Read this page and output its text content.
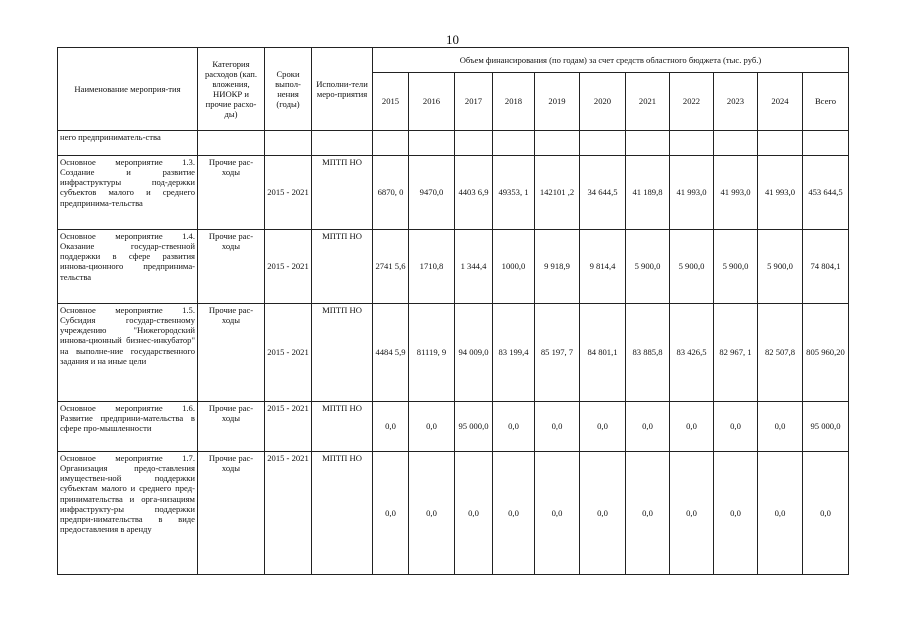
10
Наименование мероприя-тия	Категория расходов (кап. вложения, НИОКР и прочие расхо-ды)	Сроки выпол-нения (годы)	Исполни-тели меро-приятия	Объем финансирования (по годам) за счет средств областного бюджета (тыс. руб.)										
				2015	2016	2017	2018	2019	2020	2021	2022	2023	2024	Всего
него предприниматель-ства														
Основное мероприятие 1.3. Создание и развитие инфраструктуры под-держки субъектов малого и среднего предпринима-тельства	Прочие рас-ходы	2015 - 2021	МПТП НО	6870, 0	9470,0	4403 6,9	49353, 1	142101 ,2	34 644,5	41 189,8	41 993,0	41 993,0	41 993,0	453 644,5
Основное мероприятие 1.4. Оказание государ-ственной поддержки в сфере развития иннова-ционного предпринима-тельства	Прочие рас-ходы	2015 - 2021	МПТП НО	2741 5,6	1710,8	1 344,4	1000,0	9 918,9	9 814,4	5 900,0	5 900,0	5 900,0	5 900,0	74 804,1
Основное мероприятие 1.5. Субсидия государ-ственному учреждению "Нижегородский иннова-ционный бизнес-инкубатор" на выполне-ние государственного задания и на иные цели	Прочие рас-ходы	2015 - 2021	МПТП НО	4484 5,9	81119, 9	94 009,0	83 199,4	85 197, 7	84 801,1	83 885,8	83 426,5	82 967, 1	82 507,8	805 960,20
Основное мероприятие 1.6. Развитие предприни-мательства в сфере про-мышленности	Прочие рас-ходы	2015 - 2021	МПТП НО	0,0	0,0	95 000,0	0,0	0,0	0,0	0,0	0,0	0,0	0,0	95 000,0
Основное мероприятие 1.7. Организация предо-ставления имуществен-ной поддержки субъектам малого и среднего пред-принимательства и орга-низациям инфраструкту-ры поддержки предпри-нимательства в виде предоставления в аренду	Прочие рас-ходы	2015 - 2021	МПТП НО	0,0	0,0	0,0	0,0	0,0	0,0	0,0	0,0	0,0	0,0	0,0
